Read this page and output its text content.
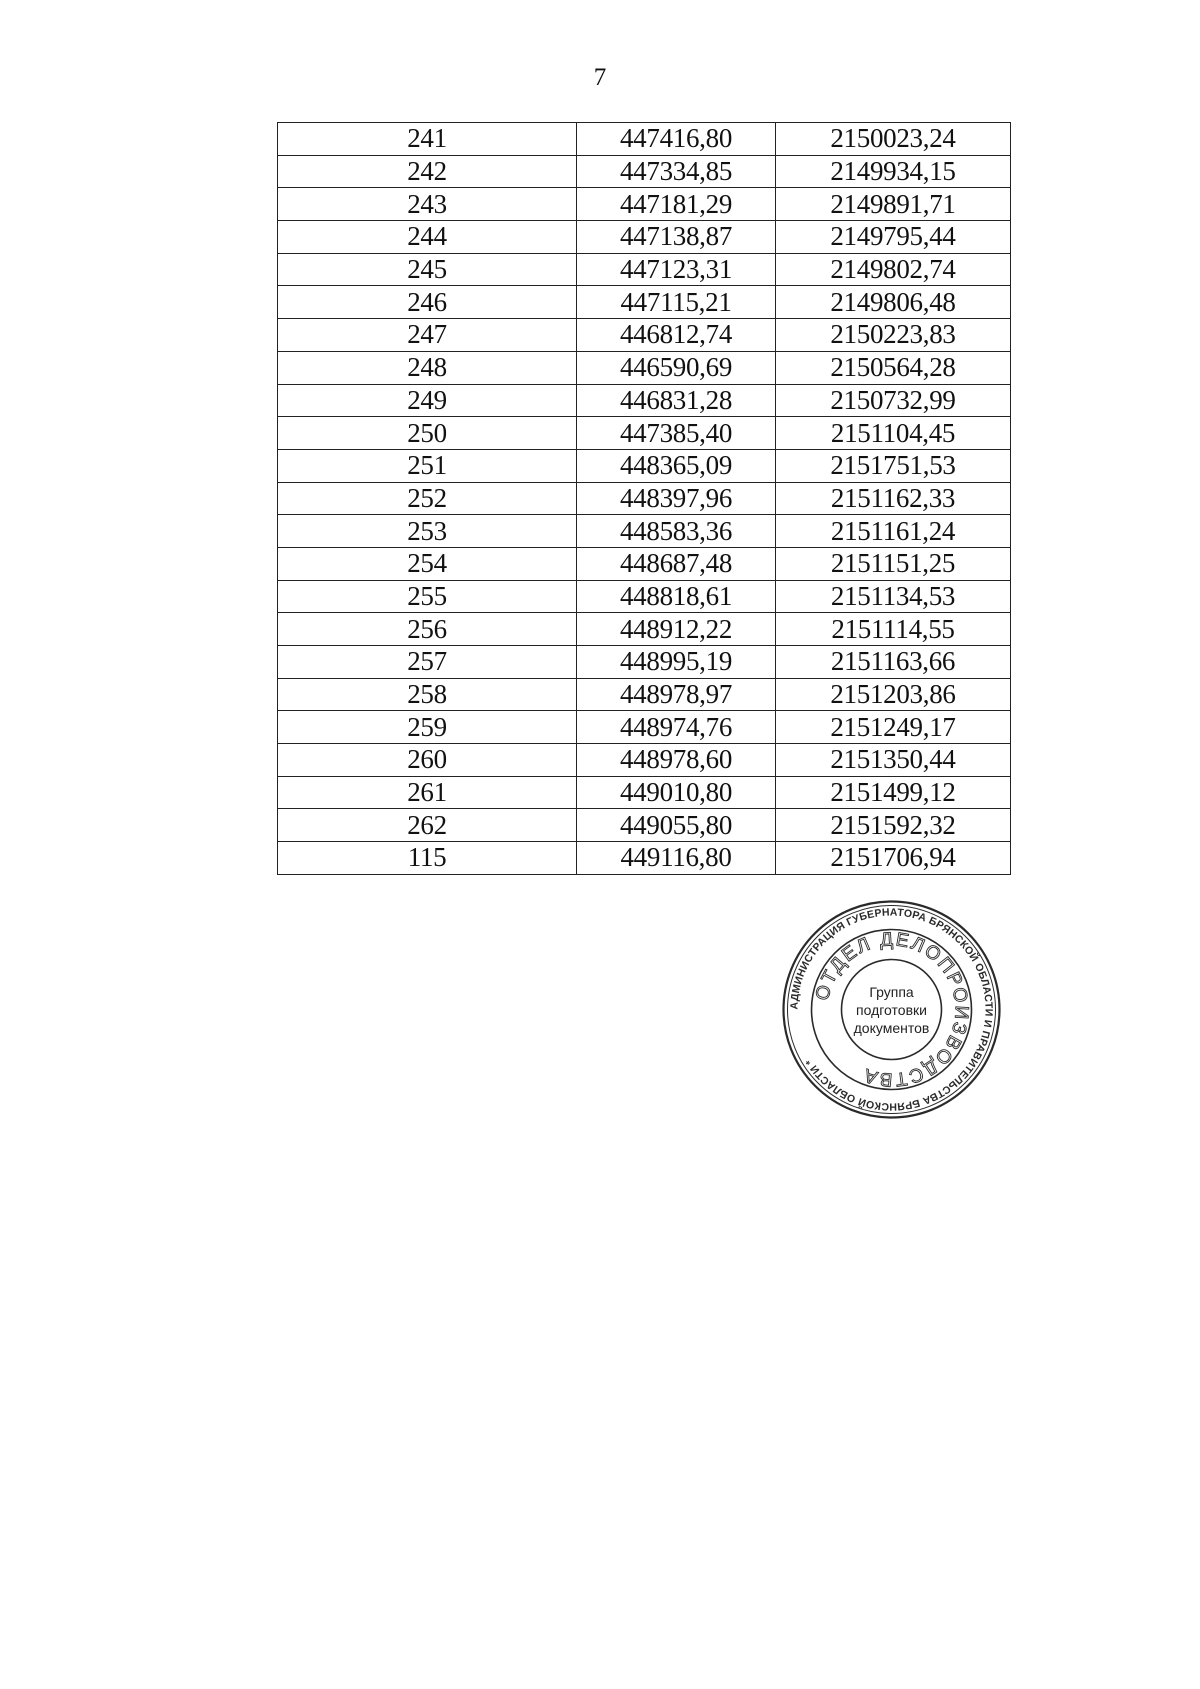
7
241	447416,80	2150023,24
242	447334,85	2149934,15
243	447181,29	2149891,71
244	447138,87	2149795,44
245	447123,31	2149802,74
246	447115,21	2149806,48
247	446812,74	2150223,83
248	446590,69	2150564,28
249	446831,28	2150732,99
250	447385,40	2151104,45
251	448365,09	2151751,53
252	448397,96	2151162,33
253	448583,36	2151161,24
254	448687,48	2151151,25
255	448818,61	2151134,53
256	448912,22	2151114,55
257	448995,19	2151163,66
258	448978,97	2151203,86
259	448974,76	2151249,17
260	448978,60	2151350,44
261	449010,80	2151499,12
262	449055,80	2151592,32
115	449116,80	2151706,94
АДМИНИСТРАЦИЯ ГУБЕРНАТОРА БРЯНСКОЙ ОБЛАСТИ И ПРАВИТЕЛЬСТВА БРЯНСКОЙ ОБЛАСТИ *
ОТДЕЛ ДЕЛОПРОИЗВОДСТВА
Группа
подготовки
документов
